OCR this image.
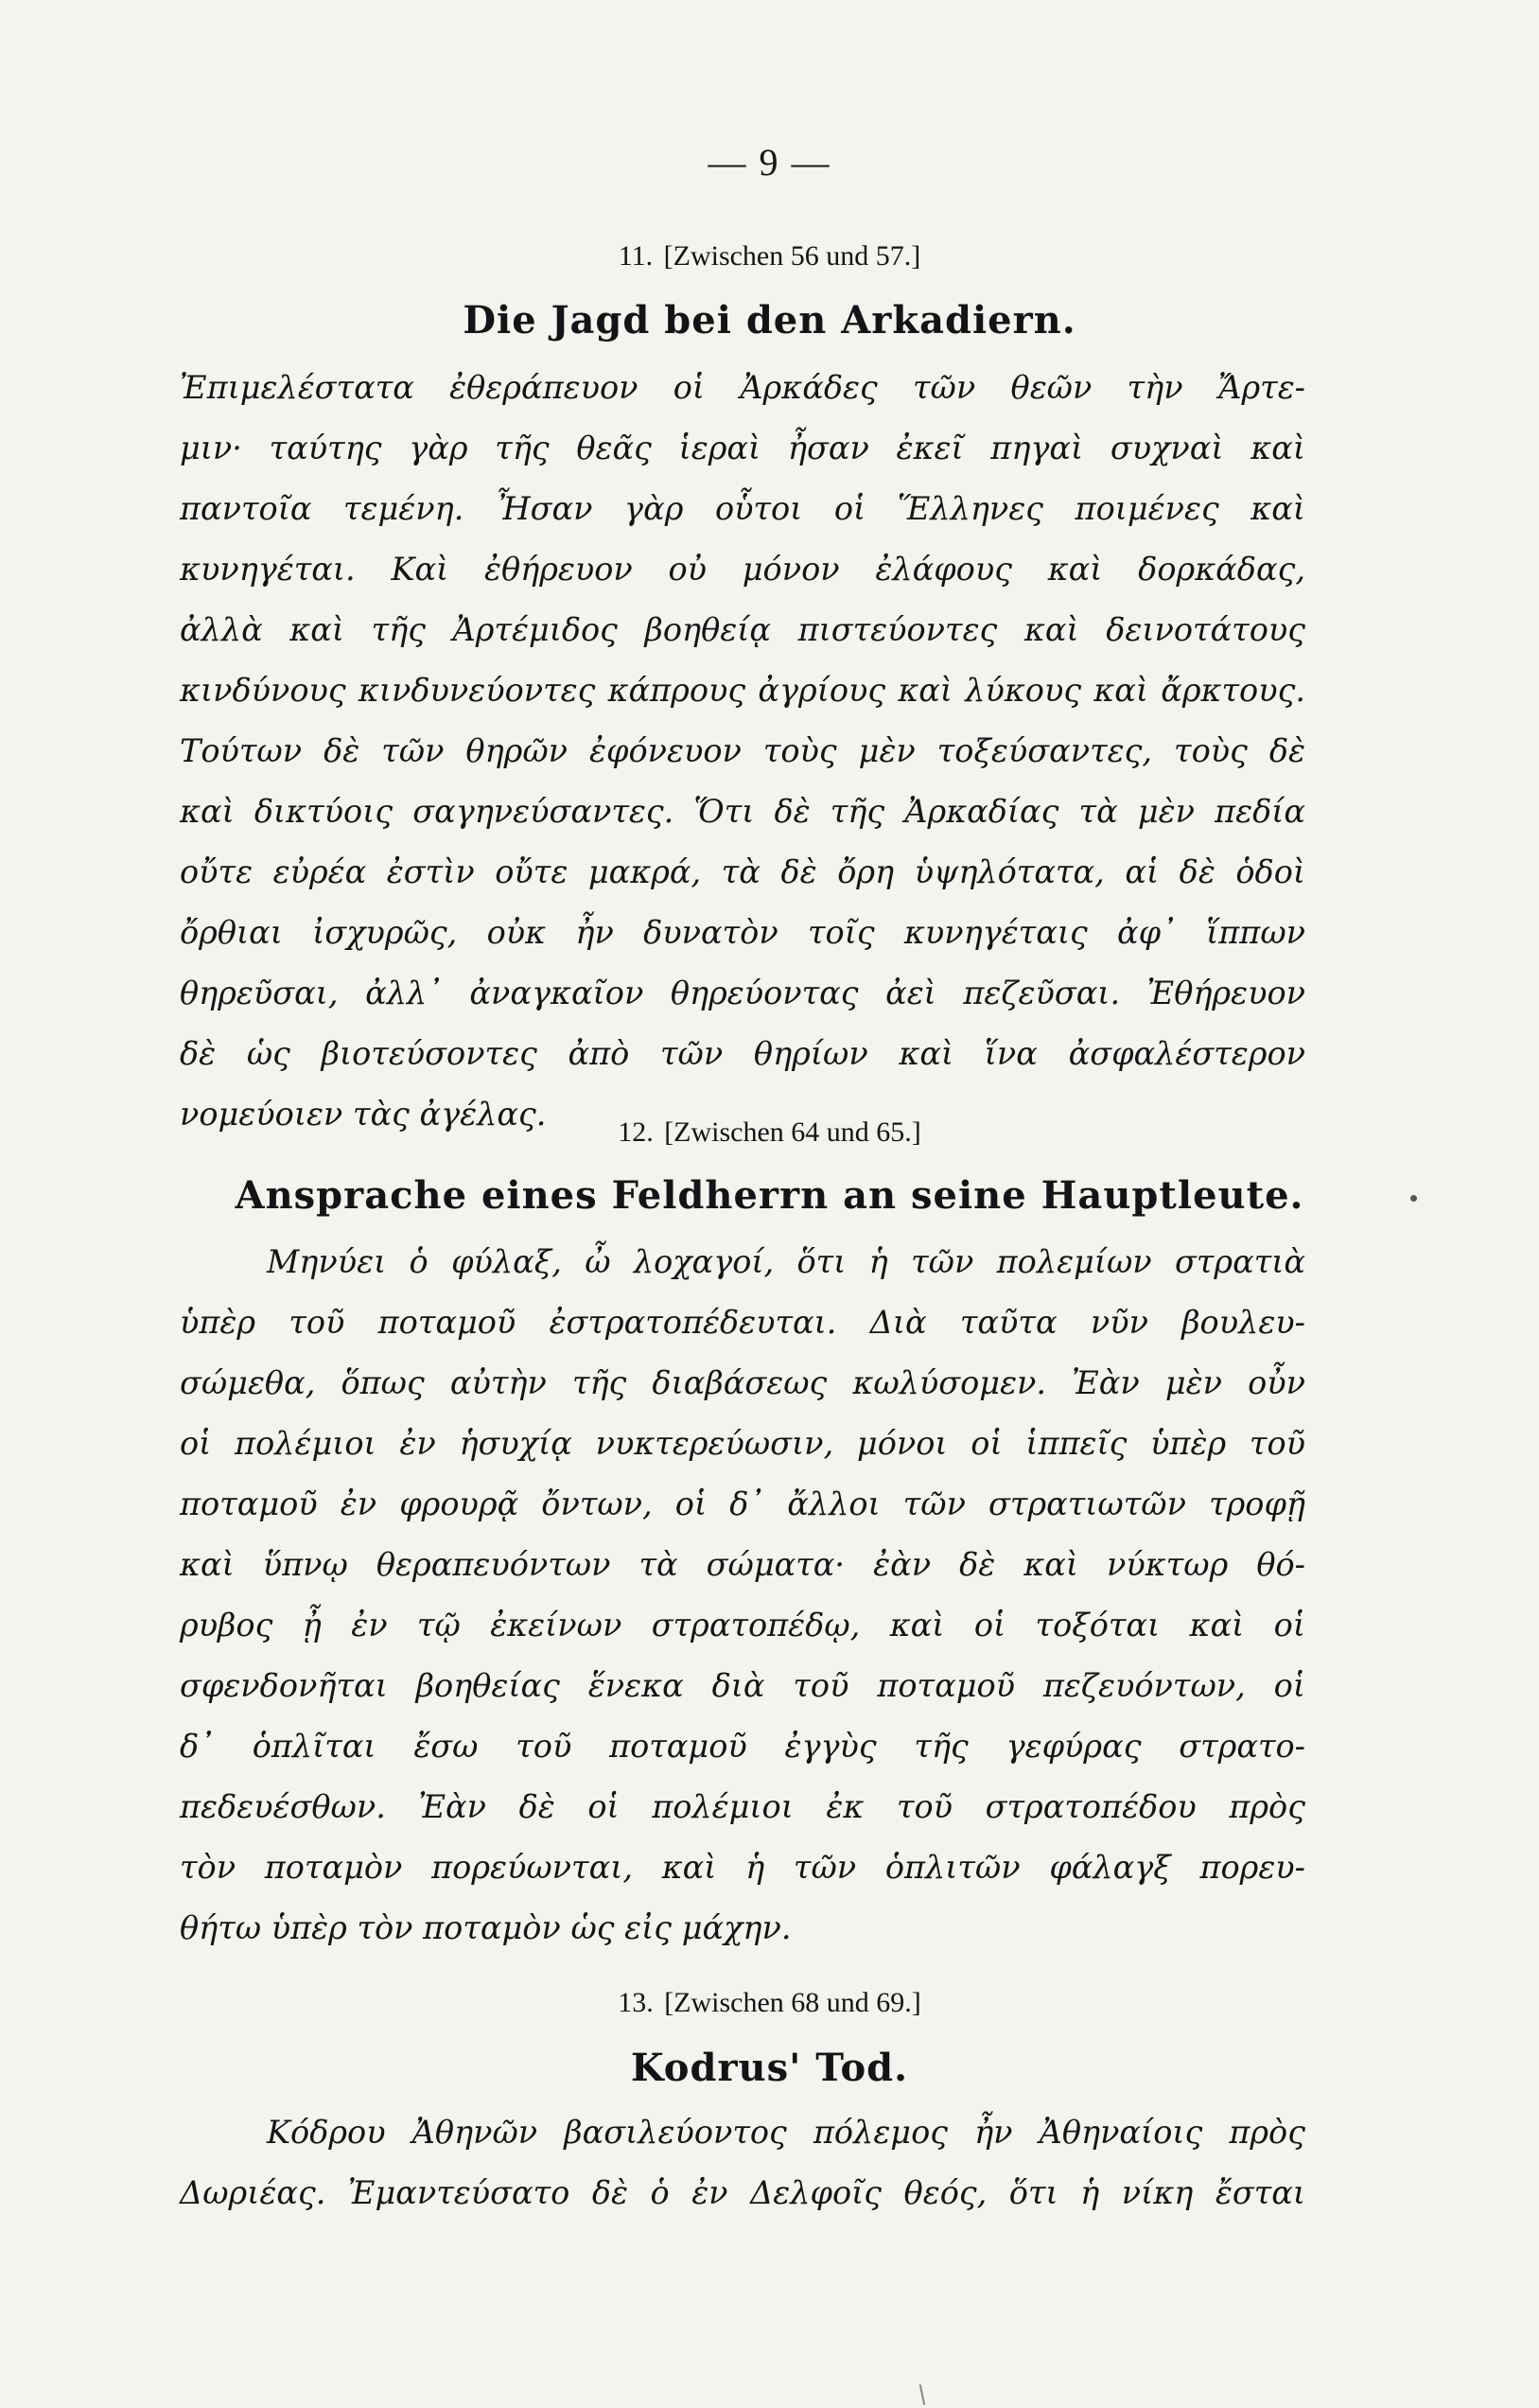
— 9 —
11. [Zwischen 56 und 57.]
Die Jagd bei den Arkadiern.
Ἐπιμελέστατα ἐθεράπευον οἱ Ἀρκάδες τῶν θεῶν τὴν Ἄρτε-
μιν· ταύτης γὰρ τῆς θεᾶς ἱεραὶ ἦσαν ἐκεῖ πηγαὶ συχναὶ καὶ
παντοῖα τεμένη. Ἦσαν γὰρ οὗτοι οἱ Ἕλληνες ποιμένες καὶ
κυνηγέται. Καὶ ἐθήρευον οὐ μόνον ἐλάφους καὶ δορκάδας,
ἀλλὰ καὶ τῆς Ἀρτέμιδος βοηθείᾳ πιστεύοντες καὶ δεινοτάτους
κινδύνους κινδυνεύοντες κάπρους ἀγρίους καὶ λύκους καὶ ἄρκτους.
Τούτων δὲ τῶν θηρῶν ἐφόνευον τοὺς μὲν τοξεύσαντες, τοὺς δὲ
καὶ δικτύοις σαγηνεύσαντες. Ὅτι δὲ τῆς Ἀρκαδίας τὰ μὲν πεδία
οὔτε εὐρέα ἐστὶν οὔτε μακρά, τὰ δὲ ὄρη ὑψηλότατα, αἱ δὲ ὁδοὶ
ὄρθιαι ἰσχυρῶς, οὐκ ἦν δυνατὸν τοῖς κυνηγέταις ἀφ᾽ ἵππων
θηρεῦσαι, ἀλλ᾽ ἀναγκαῖον θηρεύοντας ἀεὶ πεζεῦσαι. Ἐθήρευον
δὲ ὡς βιοτεύσοντες ἀπὸ τῶν θηρίων καὶ ἵνα ἀσφαλέστερον
νομεύοιεν τὰς ἀγέλας.	12. [Zwischen 64 und 65.]
Ansprache eines Feldherrn an seine Hauptleute.
Μηνύει ὁ φύλαξ, ὦ λοχαγοί, ὅτι ἡ τῶν πολεμίων στρατιὰ
ὑπὲρ τοῦ ποταμοῦ ἐστρατοπέδευται. Διὰ ταῦτα νῦν βουλευ-
σώμεθα, ὅπως αὐτὴν τῆς διαβάσεως κωλύσομεν. Ἐὰν μὲν οὖν
οἱ πολέμιοι ἐν ἡσυχίᾳ νυκτερεύωσιν, μόνοι οἱ ἱππεῖς ὑπὲρ τοῦ
ποταμοῦ ἐν φρουρᾷ ὄντων, οἱ δ᾽ ἄλλοι τῶν στρατιωτῶν τροφῇ
καὶ ὕπνῳ θεραπευόντων τὰ σώματα· ἐὰν δὲ καὶ νύκτωρ θό-
ρυβος ᾖ ἐν τῷ ἐκείνων στρατοπέδῳ, καὶ οἱ τοξόται καὶ οἱ
σφενδονῆται βοηθείας ἕνεκα διὰ τοῦ ποταμοῦ πεζευόντων, οἱ
δ᾽ ὁπλῖται ἔσω τοῦ ποταμοῦ ἐγγὺς τῆς γεφύρας στρατο-
πεδευέσθων. Ἐὰν δὲ οἱ πολέμιοι ἐκ τοῦ στρατοπέδου πρὸς
τὸν ποταμὸν πορεύωνται, καὶ ἡ τῶν ὁπλιτῶν φάλαγξ πορευ-
θήτω ὑπὲρ τὸν ποταμὸν ὡς εἰς μάχην.
13. [Zwischen 68 und 69.]
Kodrus' Tod.
Κόδρου Ἀθηνῶν βασιλεύοντος πόλεμος ἦν Ἀθηναίοις πρὸς
Δωριέας. Ἐμαντεύσατο δὲ ὁ ἐν Δελφοῖς θεός, ὅτι ἡ νίκη ἔσται
